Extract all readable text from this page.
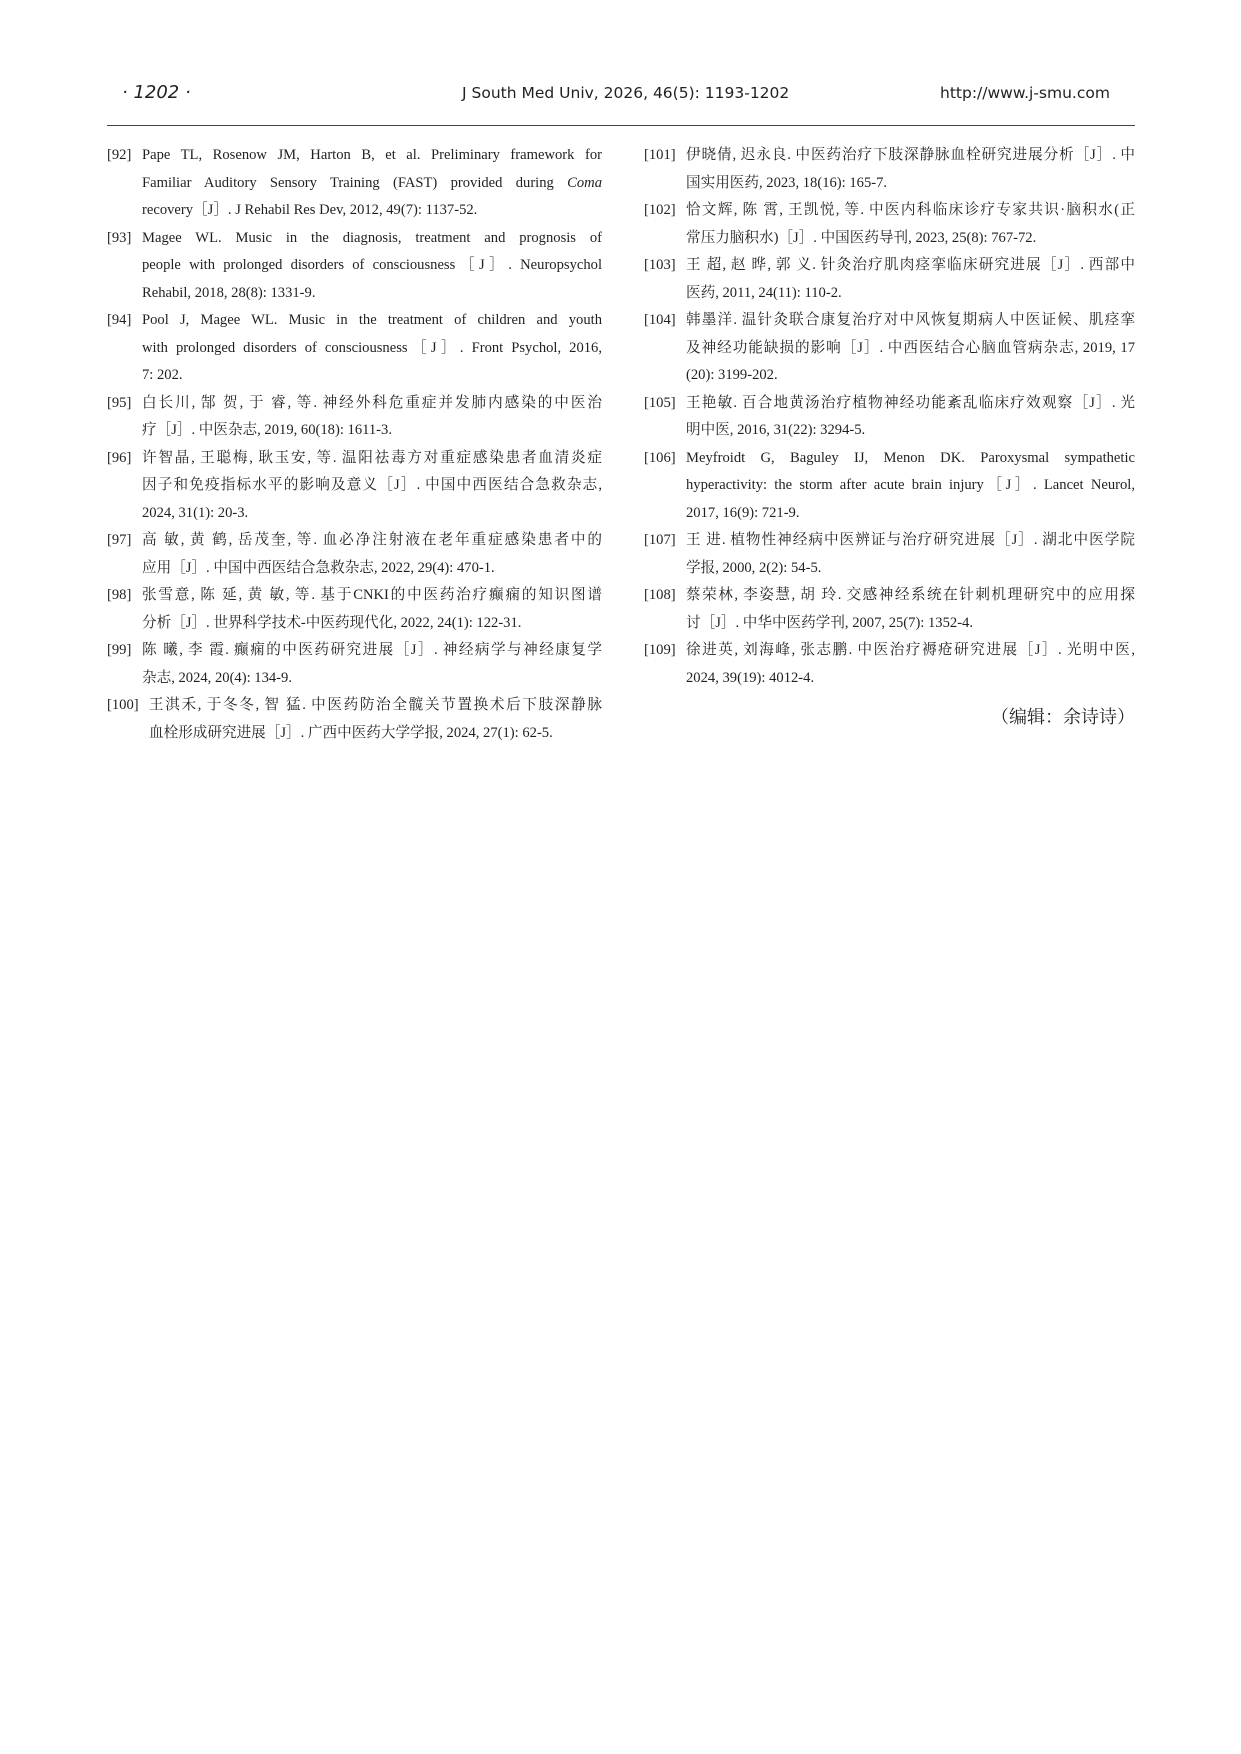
· 1202 ·	J South Med Univ, 2026, 46(5): 1193-1202	http://www.j-smu.com
[92] Pape TL, Rosenow JM, Harton B, et al. Preliminary framework for
Familiar Auditory Sensory Training (FAST) provided during Coma
recovery［J］. J Rehabil Res Dev, 2012, 49(7): 1137-52.
[93] Magee WL. Music in the diagnosis, treatment and prognosis of
people with prolonged disorders of consciousness［J］. Neuropsychol
Rehabil, 2018, 28(8): 1331-9.
[94] Pool J, Magee WL. Music in the treatment of children and youth
with prolonged disorders of consciousness［J］. Front Psychol, 2016,
7: 202.
[95] 白长川, 郜 贺, 于 睿, 等. 神经外科危重症并发肺内感染的中医治
疗［J］. 中医杂志, 2019, 60(18): 1611-3.
[96] 许智晶, 王聪梅, 耿玉安, 等. 温阳祛毒方对重症感染患者血清炎症
因子和免疫指标水平的影响及意义［J］. 中国中西医结合急救杂志,
2024, 31(1): 20-3.
[97] 高 敏, 黄 鹤, 岳茂奎, 等. 血必净注射液在老年重症感染患者中的
应用［J］. 中国中西医结合急救杂志, 2022, 29(4): 470-1.
[98] 张雪意, 陈 延, 黄 敏, 等. 基于CNKI的中医药治疗癫痫的知识图谱
分析［J］. 世界科学技术-中医药现代化, 2022, 24(1): 122-31.
[99] 陈 曦, 李 霞. 癫痫的中医药研究进展［J］. 神经病学与神经康复学
杂志, 2024, 20(4): 134-9.
[100] 王淇禾, 于冬冬, 智 猛. 中医药防治全髋关节置换术后下肢深静脉
血栓形成研究进展［J］. 广西中医药大学学报, 2024, 27(1): 62-5.
[101] 伊晓倩, 迟永良. 中医药治疗下肢深静脉血栓研究进展分析［J］. 中
国实用医药, 2023, 18(16): 165-7.
[102] 恰文辉, 陈 霄, 王凯悦, 等. 中医内科临床诊疗专家共识·脑积水(正
常压力脑积水)［J］. 中国医药导刊, 2023, 25(8): 767-72.
[103] 王 超, 赵 晔, 郭 义. 针灸治疗肌肉痉挛临床研究进展［J］. 西部中
医药, 2011, 24(11): 110-2.
[104] 韩墨洋. 温针灸联合康复治疗对中风恢复期病人中医证候、肌痉挛
及神经功能缺损的影响［J］. 中西医结合心脑血管病杂志, 2019, 17
(20): 3199-202.
[105] 王艳敏. 百合地黄汤治疗植物神经功能紊乱临床疗效观察［J］. 光
明中医, 2016, 31(22): 3294-5.
[106] Meyfroidt G, Baguley IJ, Menon DK. Paroxysmal sympathetic
hyperactivity: the storm after acute brain injury［J］. Lancet Neurol,
2017, 16(9): 721-9.
[107] 王 进. 植物性神经病中医辨证与治疗研究进展［J］. 湖北中医学院
学报, 2000, 2(2): 54-5.
[108] 蔡荣林, 李姿慧, 胡 玲. 交感神经系统在针刺机理研究中的应用探
讨［J］. 中华中医药学刊, 2007, 25(7): 1352-4.
[109] 徐进英, 刘海峰, 张志鹏. 中医治疗褥疮研究进展［J］. 光明中医,
2024, 39(19): 4012-4.
（编辑：余诗诗）
